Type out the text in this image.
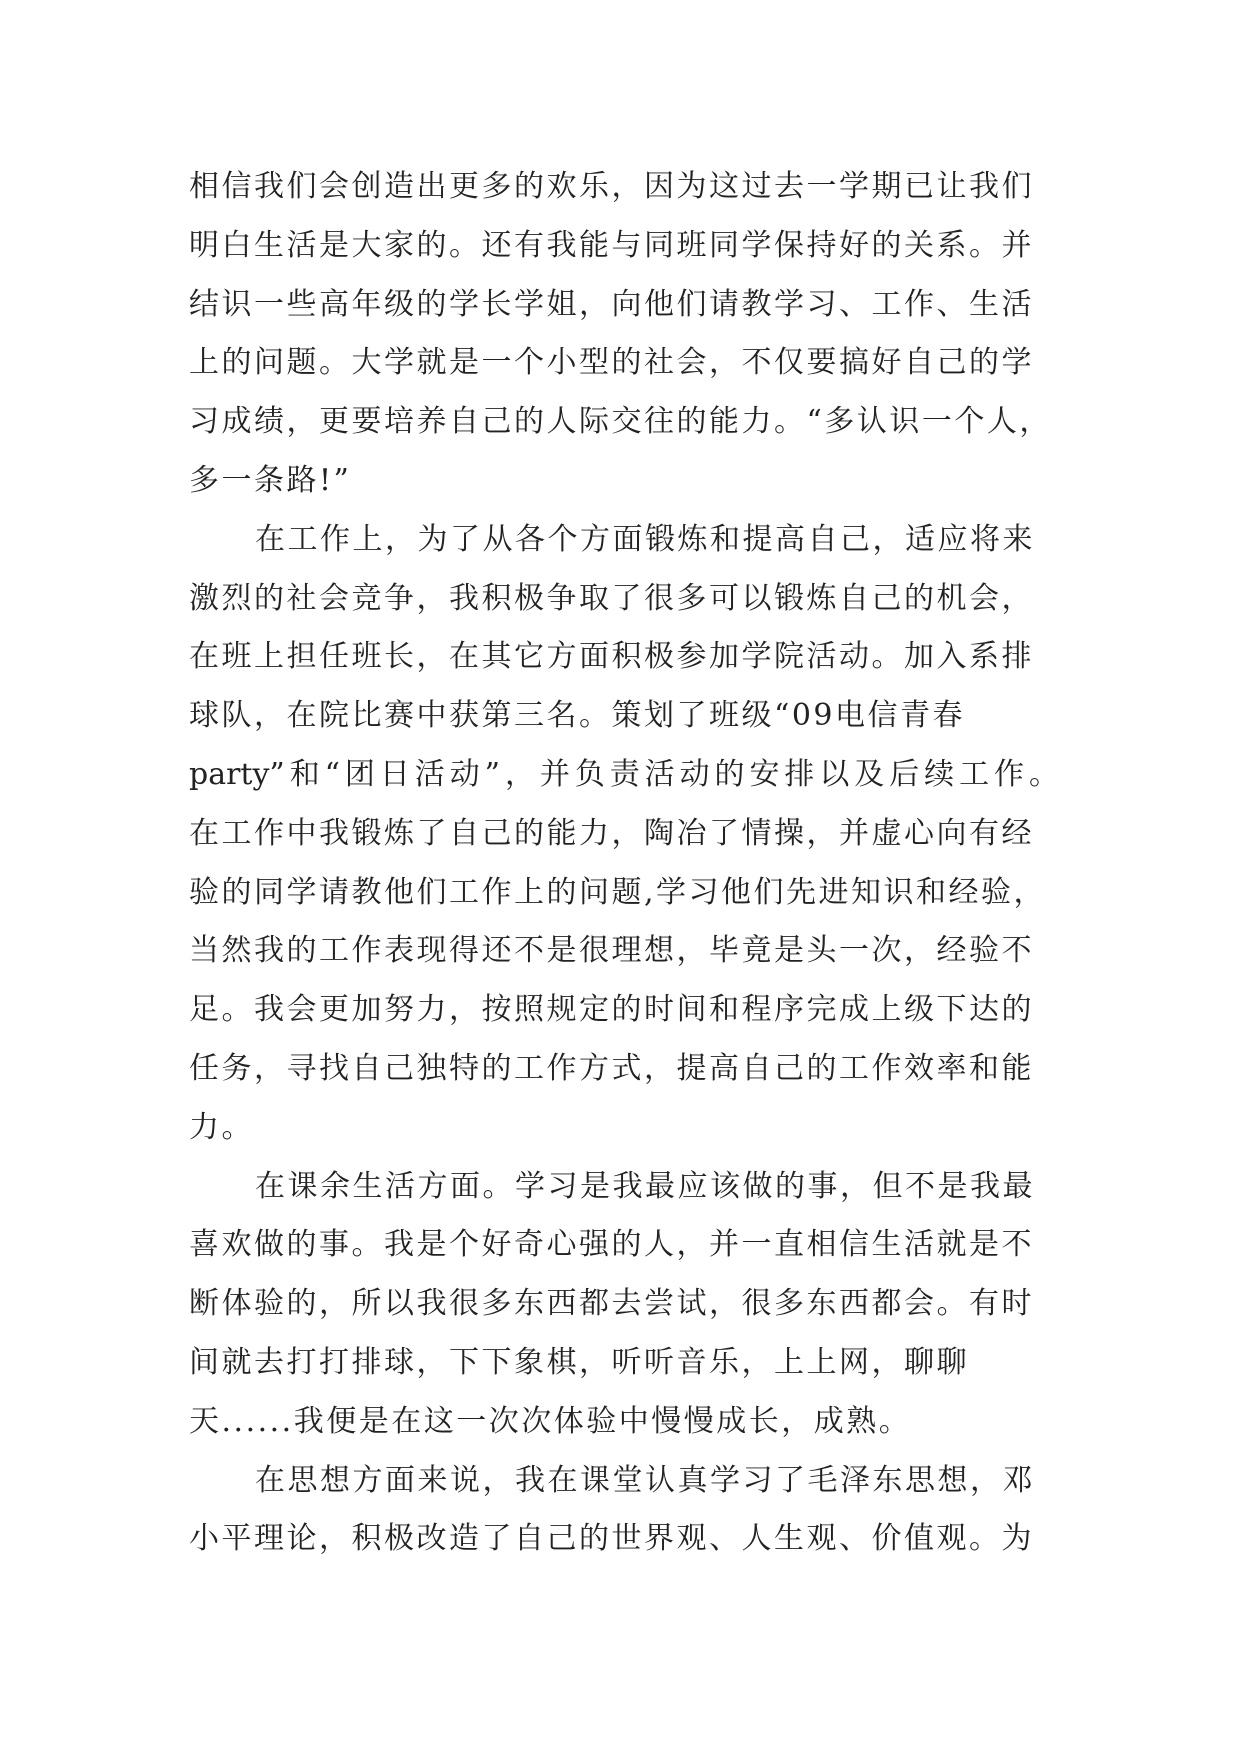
相信我们会创造出更多的欢乐，因为这过去一学期已让我们
明白生活是大家的。还有我能与同班同学保持好的关系。并
结识一些高年级的学长学姐，向他们请教学习、工作、生活
上的问题。大学就是一个小型的社会，不仅要搞好自己的学
习成绩，更要培养自己的人际交往的能力。“多认识一个人，
多一条路!”
在工作上，为了从各个方面锻炼和提高自己，适应将来
激烈的社会竞争，我积极争取了很多可以锻炼自己的机会，
在班上担任班长，在其它方面积极参加学院活动。加入系排
球队，在院比赛中获第三名。策划了班级“09电信青春
party”和“团日活动”，并负责活动的安排以及后续工作。
在工作中我锻炼了自己的能力，陶冶了情操，并虚心向有经
验的同学请教他们工作上的问题,学习他们先进知识和经验，
当然我的工作表现得还不是很理想，毕竟是头一次，经验不
足。我会更加努力，按照规定的时间和程序完成上级下达的
任务，寻找自己独特的工作方式，提高自己的工作效率和能
力。
在课余生活方面。学习是我最应该做的事，但不是我最
喜欢做的事。我是个好奇心强的人，并一直相信生活就是不
断体验的，所以我很多东西都去尝试，很多东西都会。有时
间就去打打排球，下下象棋，听听音乐，上上网，聊聊
天......我便是在这一次次体验中慢慢成长，成熟。
在思想方面来说，我在课堂认真学习了毛泽东思想，邓
小平理论，积极改造了自己的世界观、人生观、价值观。为
